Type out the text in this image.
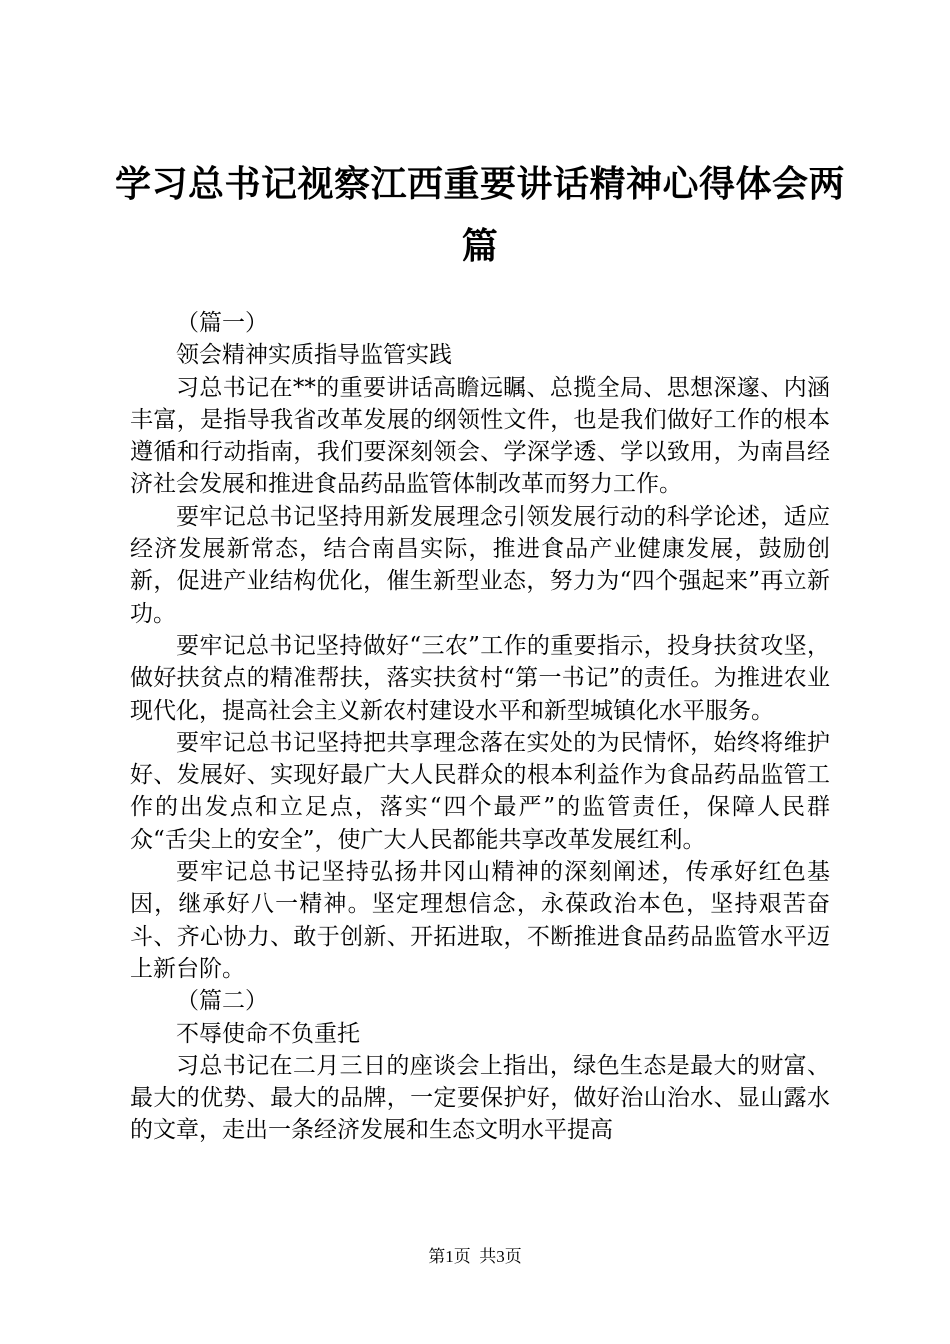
学习总书记视察江西重要讲话精神心得体会两
篇

（篇一）

领会精神实质指导监管实践

习总书记在**的重要讲话高瞻远瞩、总揽全局、思想深邃、内涵丰富，是指导我省改革发展的纲领性文件，也是我们做好工作的根本遵循和行动指南，我们要深刻领会、学深学透、学以致用，为南昌经济社会发展和推进食品药品监管体制改革而努力工作。

要牢记总书记坚持用新发展理念引领发展行动的科学论述，适应经济发展新常态，结合南昌实际，推进食品产业健康发展，鼓励创新，促进产业结构优化，催生新型业态，努力为“四个强起来”再立新功。

要牢记总书记坚持做好“三农”工作的重要指示，投身扶贫攻坚，做好扶贫点的精准帮扶，落实扶贫村“第一书记”的责任。为推进农业现代化，提高社会主义新农村建设水平和新型城镇化水平服务。

要牢记总书记坚持把共享理念落在实处的为民情怀，始终将维护好、发展好、实现好最广大人民群众的根本利益作为食品药品监管工作的出发点和立足点，落实“四个最严”的监管责任，保障人民群众“舌尖上的安全”，使广大人民都能共享改革发展红利。

要牢记总书记坚持弘扬井冈山精神的深刻阐述，传承好红色基因，继承好八一精神。坚定理想信念，永葆政治本色，坚持艰苦奋斗、齐心协力、敢于创新、开拓进取，不断推进食品药品监管水平迈上新台阶。

（篇二）

不辱使命不负重托

习总书记在二月三日的座谈会上指出，绿色生态是最大的财富、最大的优势、最大的品牌，一定要保护好，做好治山治水、显山露水的文章，走出一条经济发展和生态文明水平提高

第1页 共3页
